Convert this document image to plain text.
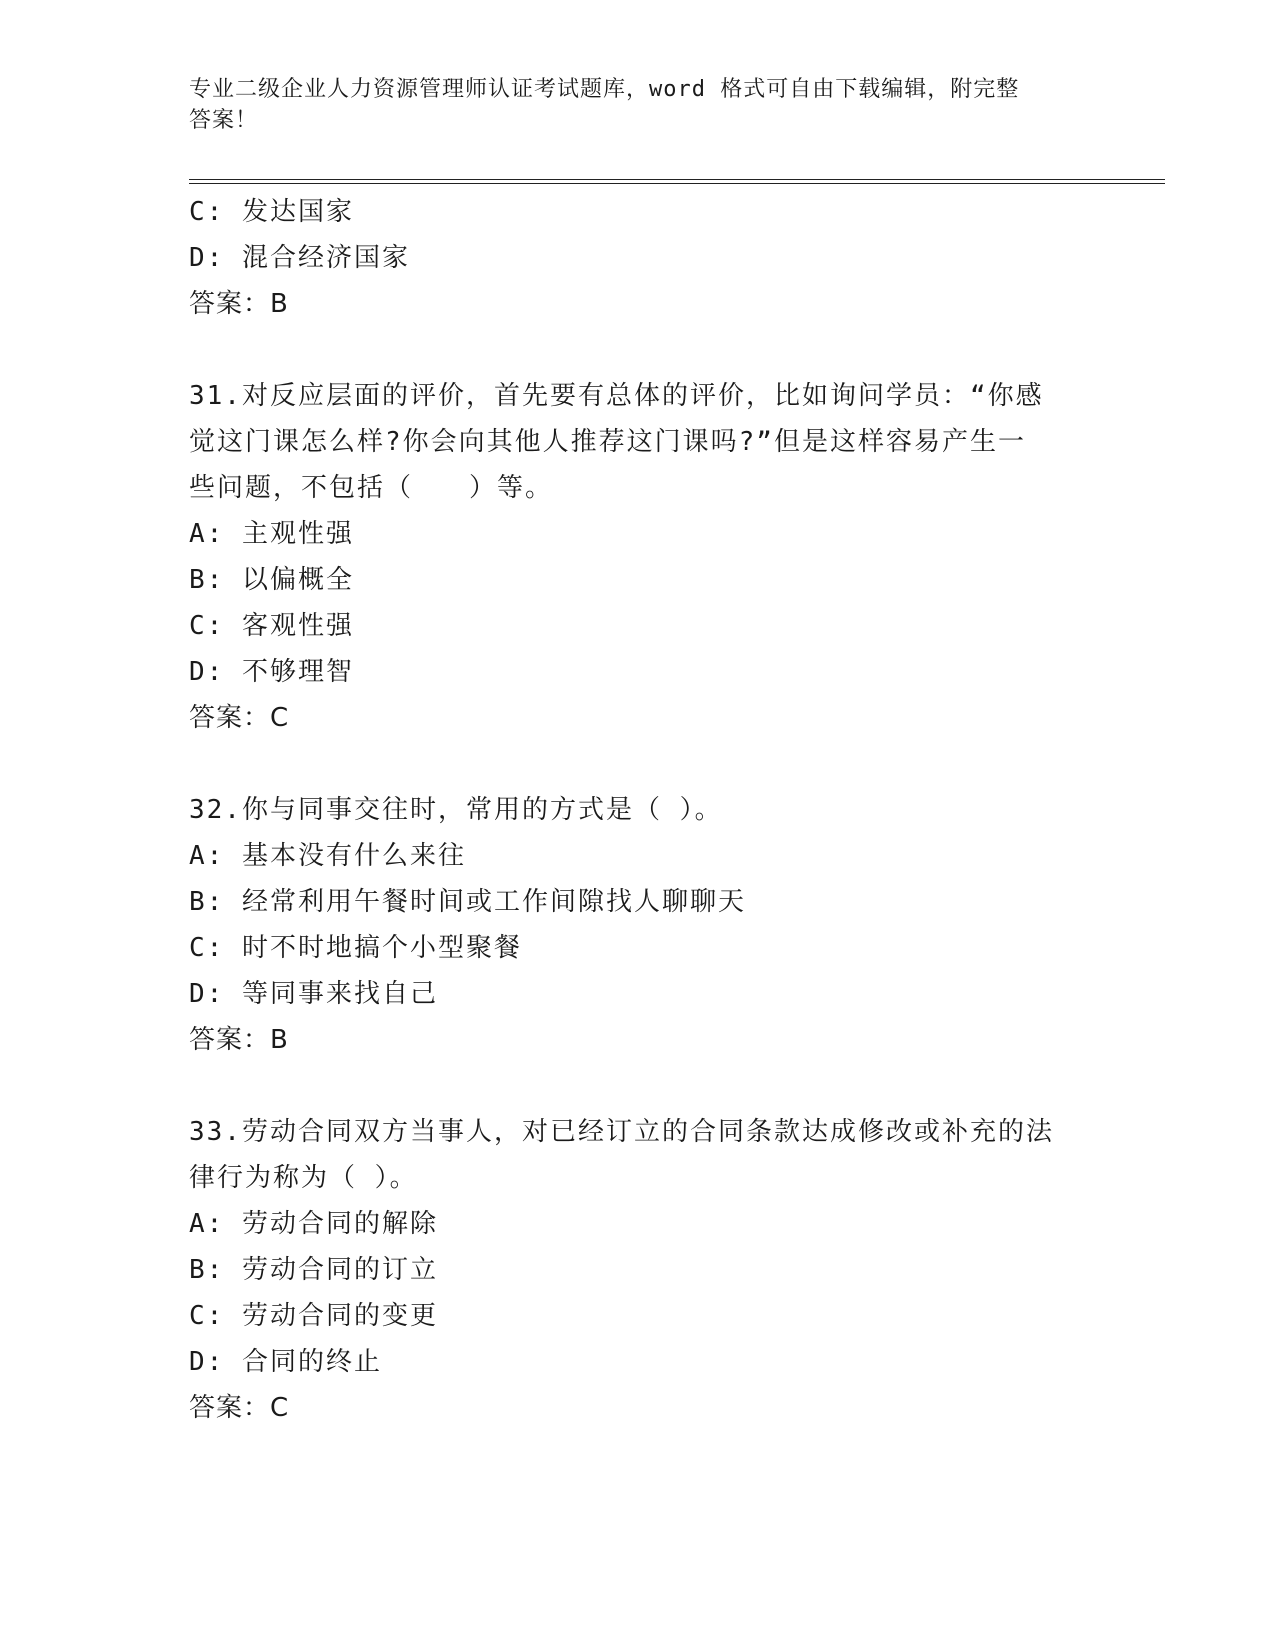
专业二级企业人力资源管理师认证考试题库，word 格式可自由下载编辑，附完整
答案！
C: 发达国家
D: 混合经济国家
答案：B
31.对反应层面的评价，首先要有总体的评价，比如询问学员：“你感
觉这门课怎么样?你会向其他人推荐这门课吗?”但是这样容易产生一
些问题，不包括（　　）等。
A: 主观性强
B: 以偏概全
C: 客观性强
D: 不够理智
答案：C
32.你与同事交往时，常用的方式是（ ）。
A: 基本没有什么来往
B: 经常利用午餐时间或工作间隙找人聊聊天
C: 时不时地搞个小型聚餐
D: 等同事来找自己
答案：B
33.劳动合同双方当事人，对已经订立的合同条款达成修改或补充的法
律行为称为（ ）。
A: 劳动合同的解除
B: 劳动合同的订立
C: 劳动合同的变更
D: 合同的终止
答案：C
